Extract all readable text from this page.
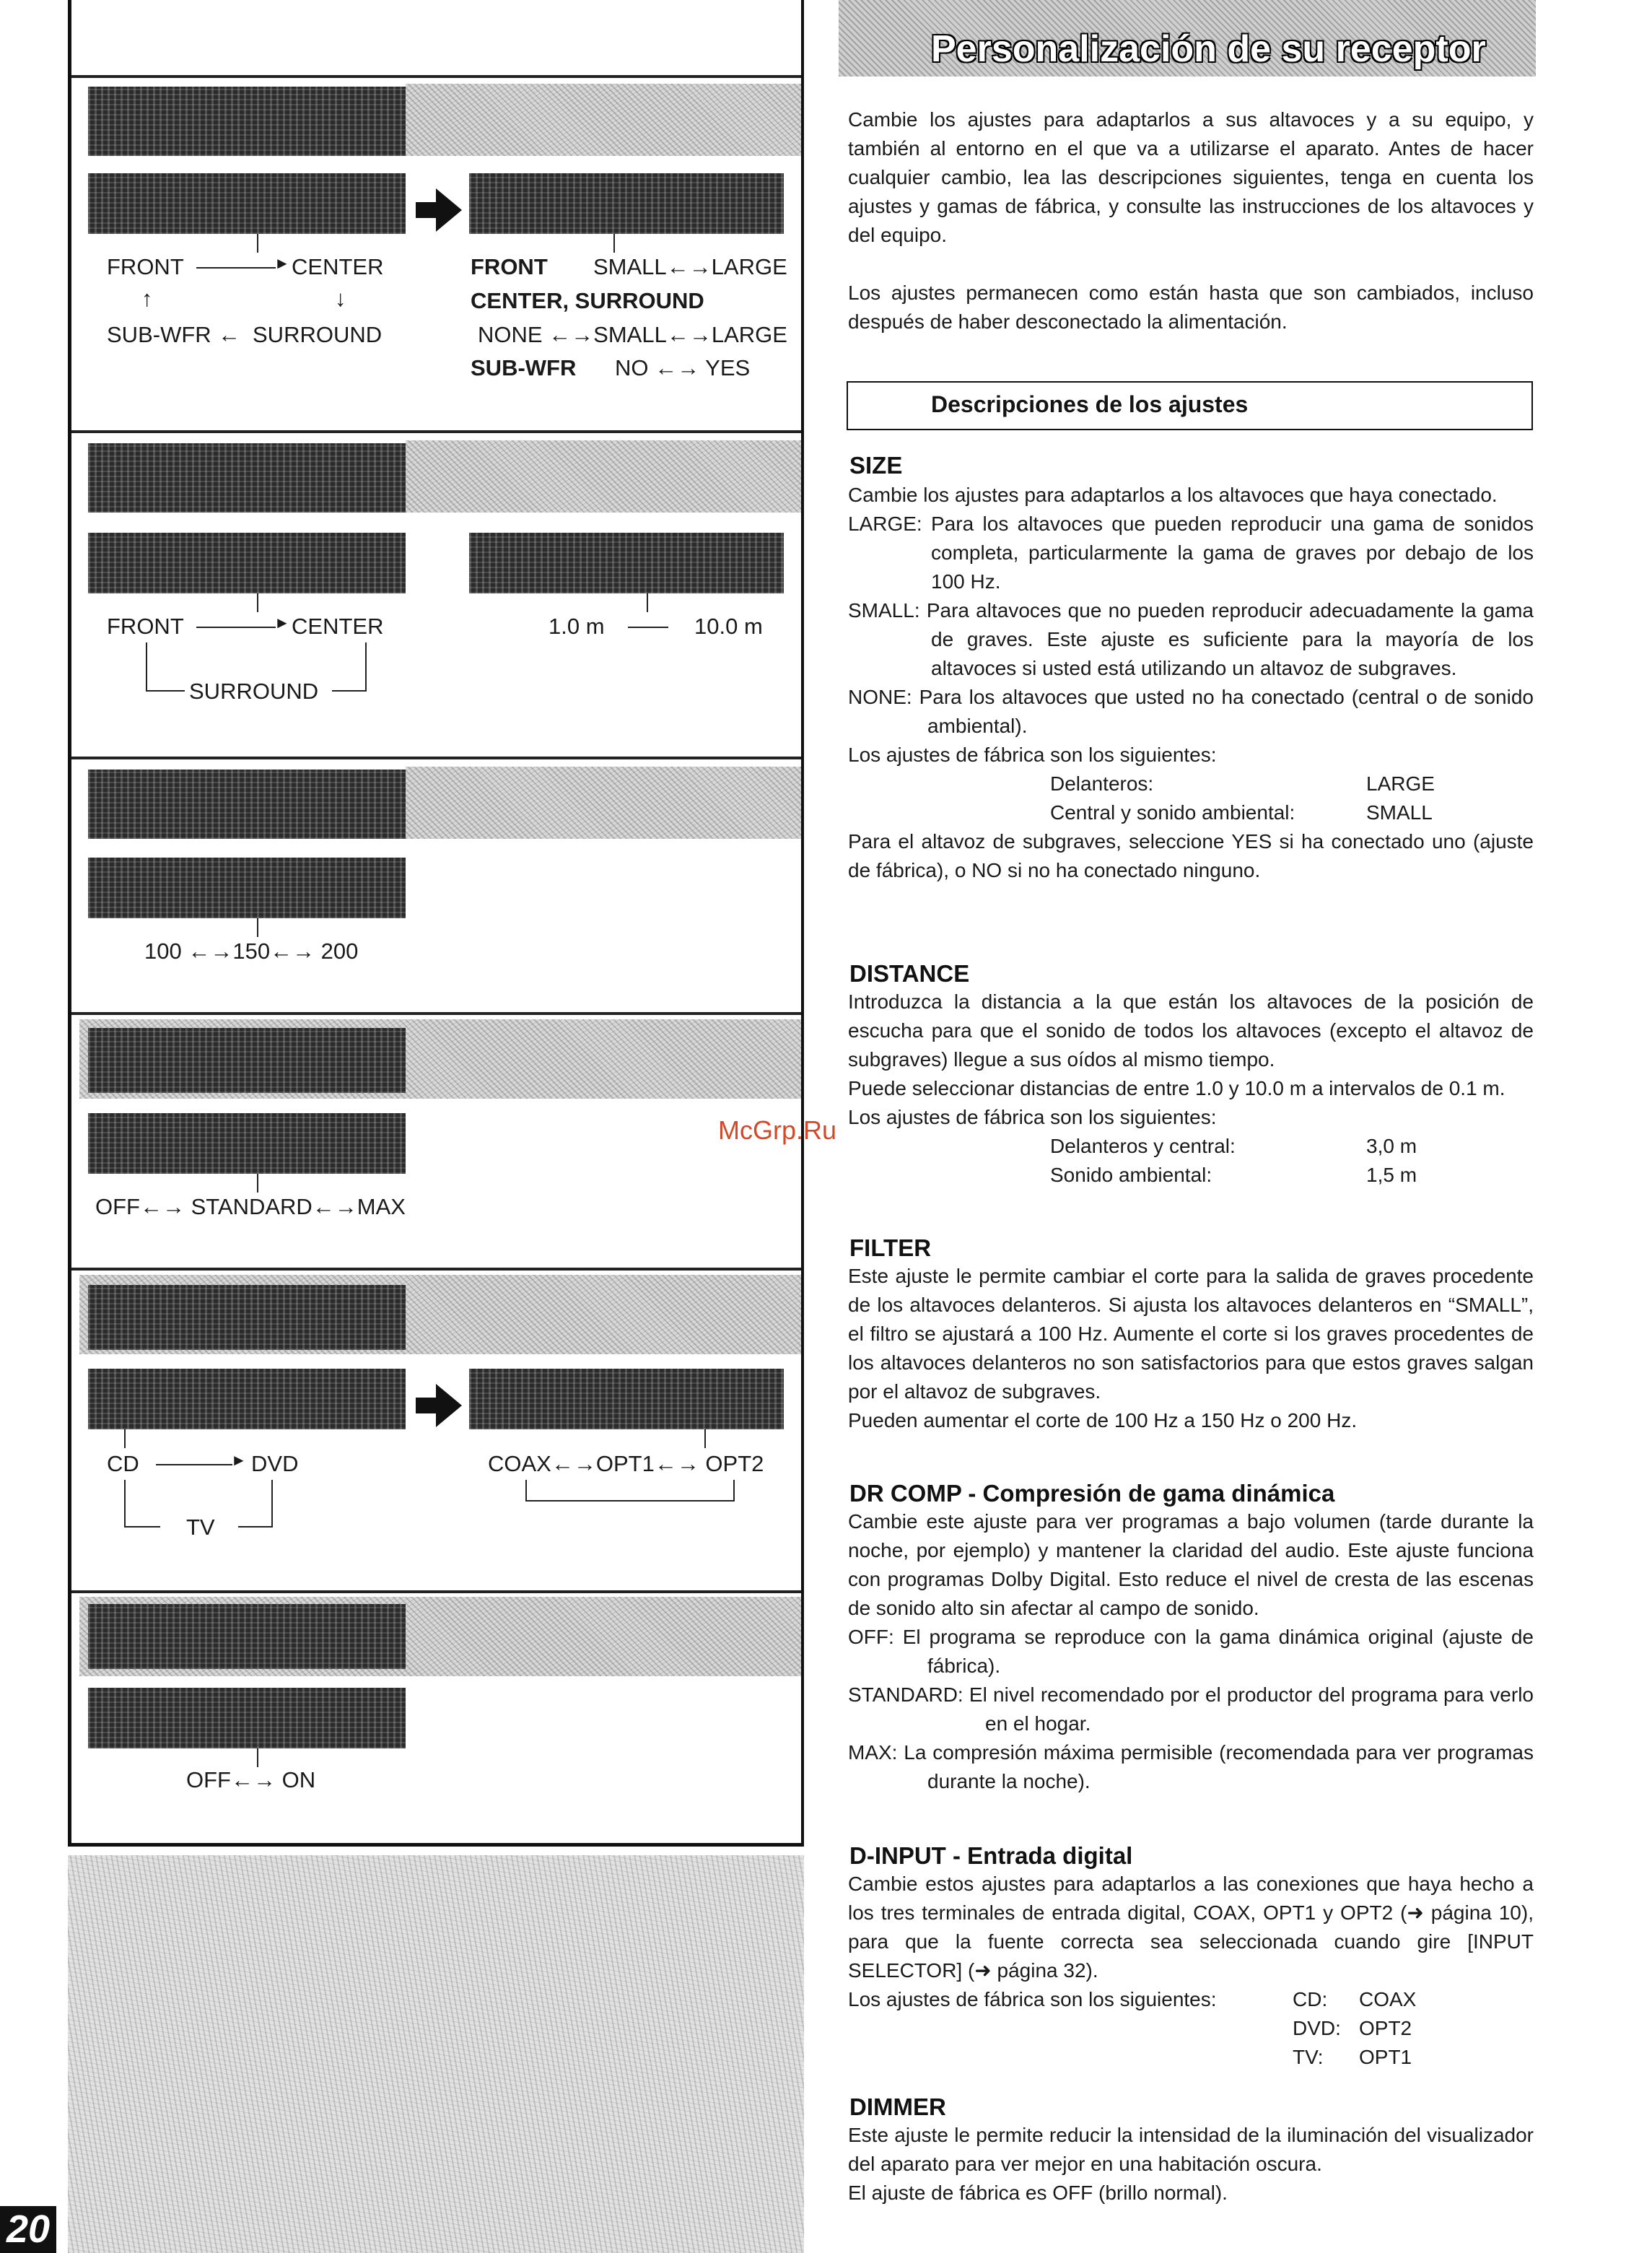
FRONT	► CENTER
↑	↓
SUB-WFR ← SURROUND
FRONT SMALL←→LARGE
CENTER, SURROUND
NONE ←→SMALL←→LARGE
SUB-WFR NO ←→ YES
FRONT	► CENTER
SURROUND
1.0 m	10.0 m
100 ←→150←→ 200
OFF←→ STANDARD←→MAX
CD	► DVD
TV
COAX←→OPT1←→ OPT2
OFF←→ ON
20
Personalización de su receptor

Cambie los ajustes para adaptarlos a sus altavoces y a su equipo, y también al entorno en el que va a utilizarse el aparato. Antes de hacer cualquier cambio, lea las descripciones siguientes, tenga en cuenta los ajustes y gamas de fábrica, y consulte las instrucciones de los altavoces y del equipo.

Los ajustes permanecen como están hasta que son cambiados, incluso después de haber desconectado la alimentación.

Descripciones de los ajustes
SIZE

Cambie los ajustes para adaptarlos a los altavoces que haya conectado.

LARGE: Para los altavoces que pueden reproducir una gama de sonidos completa, particularmente la gama de graves por debajo de los 100 Hz.

SMALL: Para altavoces que no pueden reproducir adecuadamente la gama de graves. Este ajuste es suficiente para la mayoría de los altavoces si usted está utilizando un altavoz de subgraves.

NONE: Para los altavoces que usted no ha conectado (central o de sonido ambiental).

Los ajustes de fábrica son los siguientes:

Delanteros:	LARGE
Central y sonido ambiental:	SMALL

Para el altavoz de subgraves, seleccione YES si ha conectado uno (ajuste de fábrica), o NO si no ha conectado ninguno.

DISTANCE

Introduzca la distancia a la que están los altavoces de la posición de escucha para que el sonido de todos los altavoces (excepto el altavoz de subgraves) llegue a sus oídos al mismo tiempo.

Puede seleccionar distancias de entre 1.0 y 10.0 m a intervalos de 0.1 m.

Los ajustes de fábrica son los siguientes:

Delanteros y central:	3,0 m
Sonido ambiental:	1,5 m
FILTER

Este ajuste le permite cambiar el corte para la salida de graves procedente de los altavoces delanteros. Si ajusta los altavoces delanteros en “SMALL”, el filtro se ajustará a 100 Hz. Aumente el corte si los graves procedentes de los altavoces delanteros no son satisfactorios para que estos graves salgan por el altavoz de subgraves.

Pueden aumentar el corte de 100 Hz a 150 Hz o 200 Hz.

DR COMP - Compresión de gama dinámica

Cambie este ajuste para ver programas a bajo volumen (tarde durante la noche, por ejemplo) y mantener la claridad del audio. Este ajuste funciona con programas Dolby Digital. Esto reduce el nivel de cresta de las escenas de sonido alto sin afectar al campo de sonido.

OFF: El programa se reproduce con la gama dinámica original (ajuste de fábrica).

STANDARD: El nivel recomendado por el productor del programa para verlo en el hogar.

MAX: La compresión máxima permisible (recomendada para ver programas durante la noche).

D-INPUT - Entrada digital

Cambie estos ajustes para adaptarlos a las conexiones que haya hecho a los tres terminales de entrada digital, COAX, OPT1 y OPT2 (➜ página 10), para que la fuente correcta sea seleccionada cuando gire [INPUT SELECTOR] (➜ página 32).

Los ajustes de fábrica son los siguientes:	CD:	COAX
DVD: OPT2
TV:	OPT1
DIMMER

Este ajuste le permite reducir la intensidad de la iluminación del visualizador del aparato para ver mejor en una habitación oscura.

El ajuste de fábrica es OFF (brillo normal).

McGrp.Ru
